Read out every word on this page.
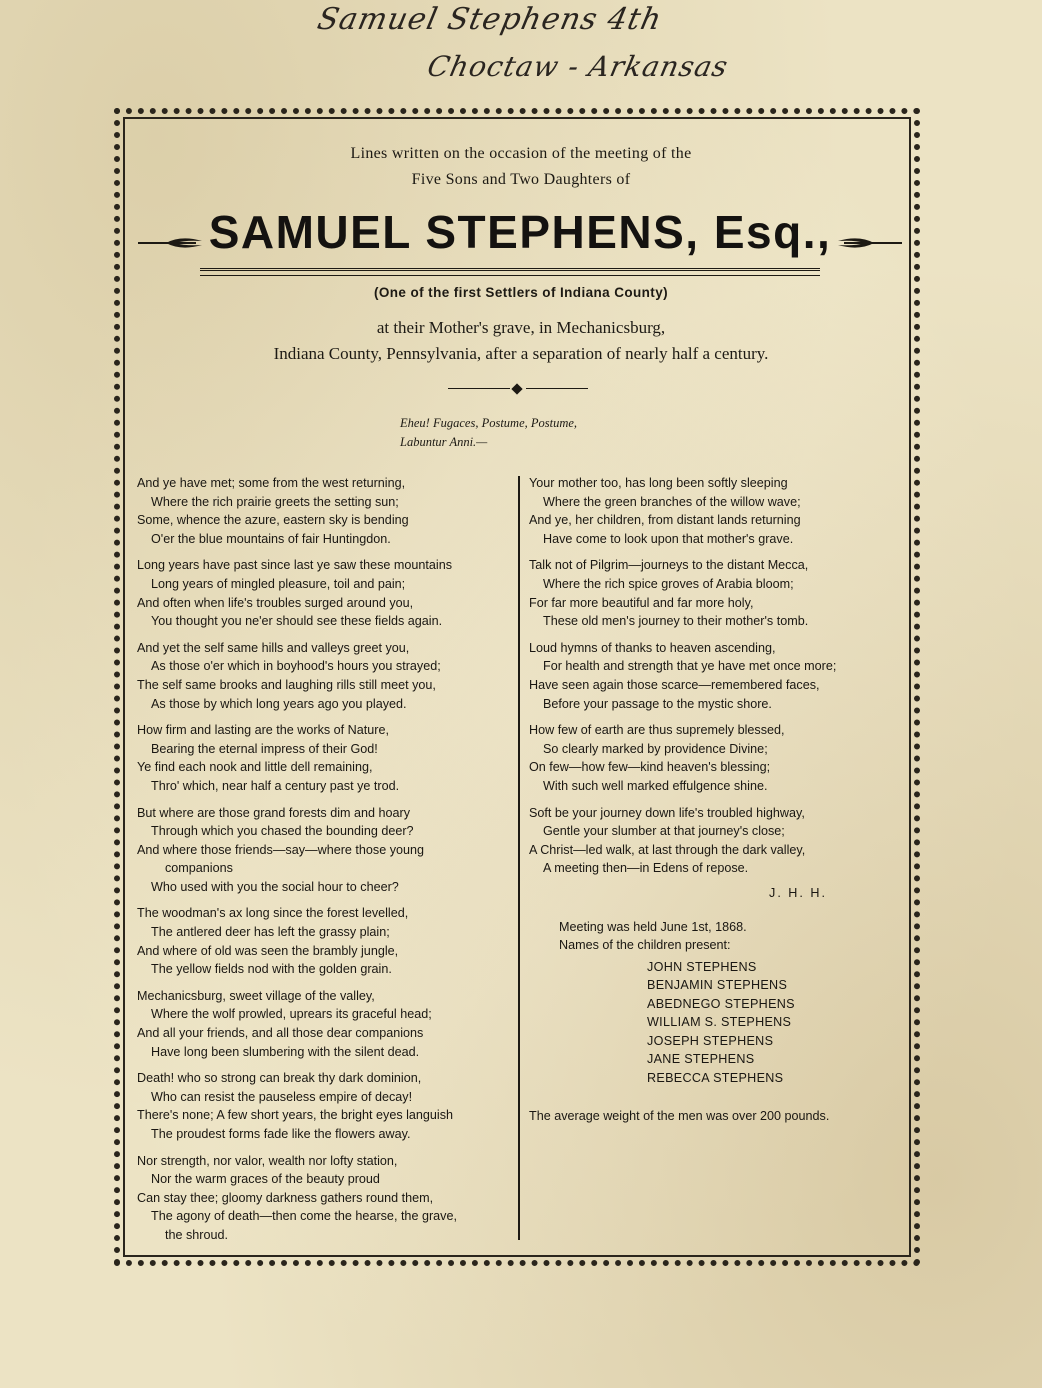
Samuel Stephens 4th
Choctaw - Arkansas
Lines written on the occasion of the meeting of the
Five Sons and Two Daughters of
SAMUEL STEPHENS, Esq.,
(One of the first Settlers of Indiana County)
at their Mother's grave, in Mechanicsburg,
Indiana County, Pennsylvania, after a separation of nearly half a century.
Eheu! Fugaces, Postume, Postume,
Labuntur Anni.—
And ye have met; some from the west returning,
Where the rich prairie greets the setting sun;
Some, whence the azure, eastern sky is bending
O'er the blue mountains of fair Huntingdon.
Long years have past since last ye saw these mountains
Long years of mingled pleasure, toil and pain;
And often when life's troubles surged around you,
You thought you ne'er should see these fields again.
And yet the self same hills and valleys greet you,
As those o'er which in boyhood's hours you strayed;
The self same brooks and laughing rills still meet you,
As those by which long years ago you played.
How firm and lasting are the works of Nature,
Bearing the eternal impress of their God!
Ye find each nook and little dell remaining,
Thro' which, near half a century past ye trod.
But where are those grand forests dim and hoary
Through which you chased the bounding deer?
And where those friends—say—where those young
companions
Who used with you the social hour to cheer?
The woodman's ax long since the forest levelled,
The antlered deer has left the grassy plain;
And where of old was seen the brambly jungle,
The yellow fields nod with the golden grain.
Mechanicsburg, sweet village of the valley,
Where the wolf prowled, uprears its graceful head;
And all your friends, and all those dear companions
Have long been slumbering with the silent dead.
Death! who so strong can break thy dark dominion,
Who can resist the pauseless empire of decay!
There's none; A few short years, the bright eyes languish
The proudest forms fade like the flowers away.
Nor strength, nor valor, wealth nor lofty station,
Nor the warm graces of the beauty proud
Can stay thee; gloomy darkness gathers round them,
The agony of death—then come the hearse, the grave,
the shroud.
Your mother too, has long been softly sleeping
Where the green branches of the willow wave;
And ye, her children, from distant lands returning
Have come to look upon that mother's grave.
Talk not of Pilgrim—journeys to the distant Mecca,
Where the rich spice groves of Arabia bloom;
For far more beautiful and far more holy,
These old men's journey to their mother's tomb.
Loud hymns of thanks to heaven ascending,
For health and strength that ye have met once more;
Have seen again those scarce—remembered faces,
Before your passage to the mystic shore.
How few of earth are thus supremely blessed,
So clearly marked by providence Divine;
On few—how few—kind heaven's blessing;
With such well marked effulgence shine.
Soft be your journey down life's troubled highway,
Gentle your slumber at that journey's close;
A Christ—led walk, at last through the dark valley,
A meeting then—in Edens of repose.
J. H. H.
Meeting was held June 1st, 1868.
Names of the children present:
JOHN STEPHENS
BENJAMIN STEPHENS
ABEDNEGO STEPHENS
WILLIAM S. STEPHENS
JOSEPH STEPHENS
JANE STEPHENS
REBECCA STEPHENS
The average weight of the men was over 200 pounds.
